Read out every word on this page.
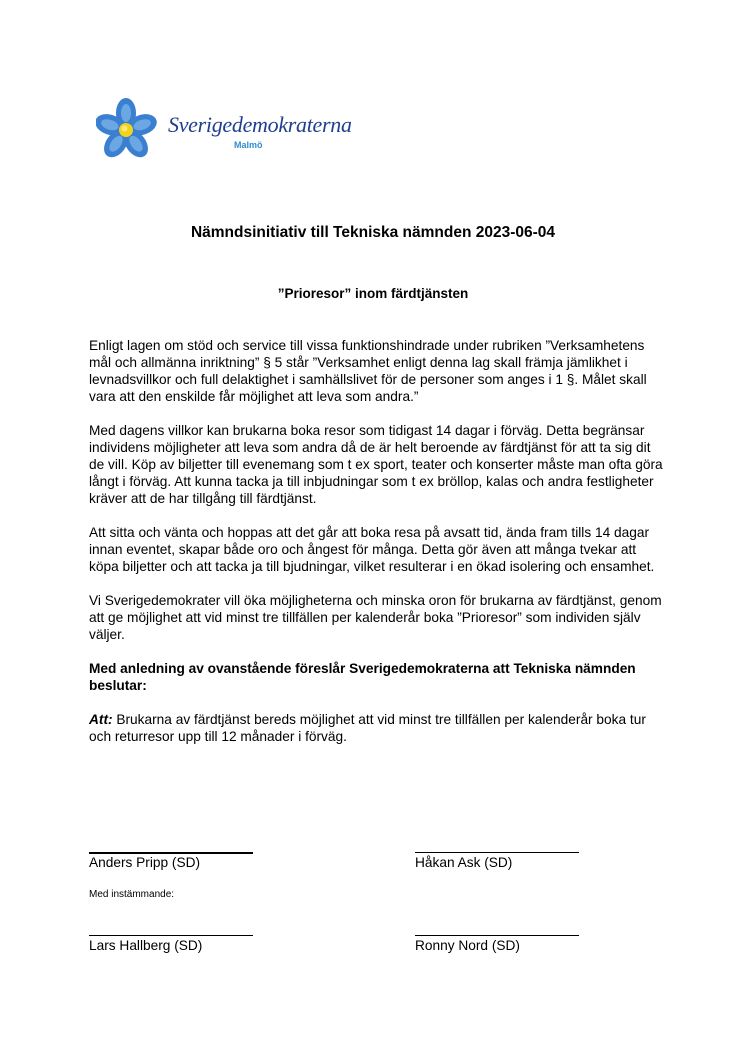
Sverigedemokraterna
Malmö
Nämndsinitiativ till Tekniska nämnden 2023-06-04
”Prioresor” inom färdtjänsten

Enligt lagen om stöd och service till vissa funktionshindrade under rubriken ”Verksamhetens mål och allmänna inriktning” § 5 står ”Verksamhet enligt denna lag skall främja jämlikhet i levnadsvillkor och full delaktighet i samhällslivet för de personer som anges i 1 §. Målet skall vara att den enskilde får möjlighet att leva som andra.”

Med dagens villkor kan brukarna boka resor som tidigast 14 dagar i förväg. Detta begränsar individens möjligheter att leva som andra då de är helt beroende av färdtjänst för att ta sig dit de vill. Köp av biljetter till evenemang som t ex sport, teater och konserter måste man ofta göra långt i förväg. Att kunna tacka ja till inbjudningar som t ex bröllop, kalas och andra festligheter kräver att de har tillgång till färdtjänst.

Att sitta och vänta och hoppas att det går att boka resa på avsatt tid, ända fram tills 14 dagar innan eventet, skapar både oro och ångest för många. Detta gör även att många tvekar att köpa biljetter och att tacka ja till bjudningar, vilket resulterar i en ökad isolering och ensamhet.

Vi Sverigedemokrater vill öka möjligheterna och minska oron för brukarna av färdtjänst, genom att ge möjlighet att vid minst tre tillfällen per kalenderår boka ”Prioresor” som individen själv väljer.

Med anledning av ovanstående föreslår Sverigedemokraterna att Tekniska nämnden beslutar:

Att: Brukarna av färdtjänst bereds möjlighet att vid minst tre tillfällen per kalenderår boka tur och returresor upp till 12 månader i förväg.

Anders Pripp (SD)	Håkan Ask (SD)
Med instämmande:
Lars Hallberg (SD)	Ronny Nord (SD)
